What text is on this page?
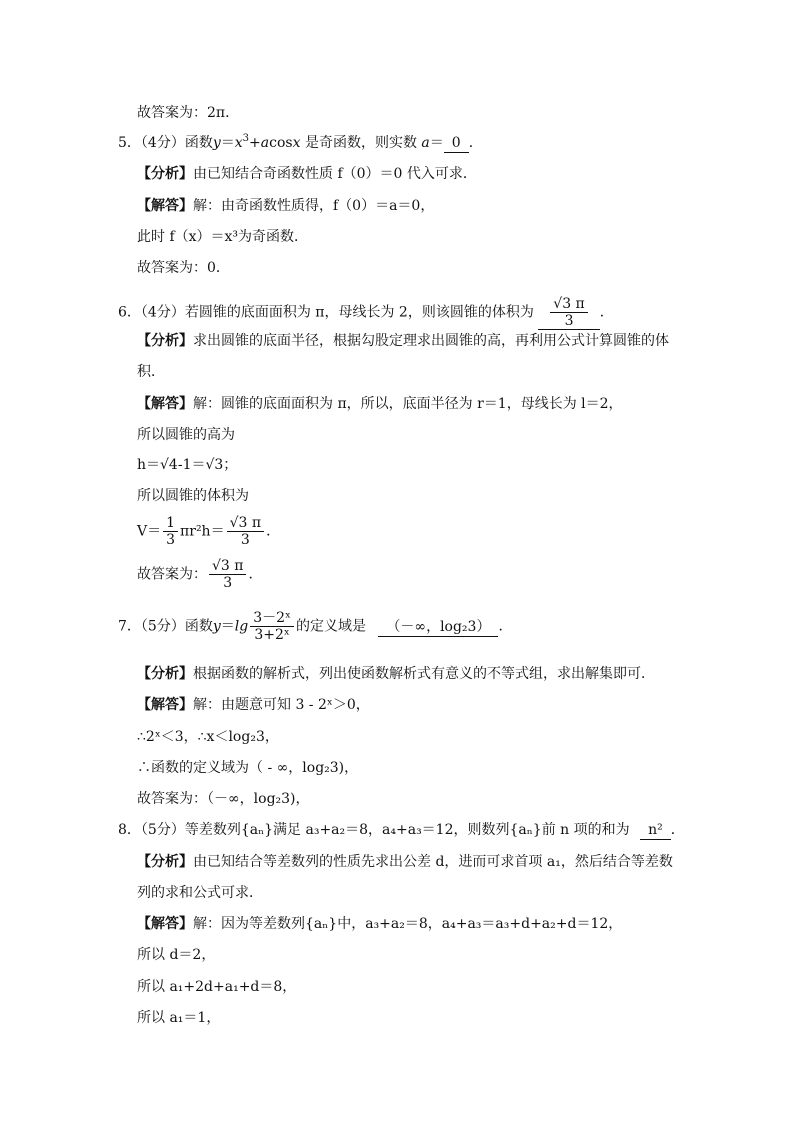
故答案为：2π．
5．（4分）函数$y=x^3+acosx$ 是奇函数，则实数 a＝ 0 ．
【分析】由已知结合奇函数性质 f（0）＝0 代入可求．
【解答】解：由奇函数性质得，f（0）＝a＝0，
此时 f（x）＝x³为奇函数．
故答案为：0．
6．（4分）若圆锥的底面面积为 π，母线长为 2，则该圆锥的体积为 $\frac{√3 \pi}{3}$ ．
【分析】求出圆锥的底面半径，根据勾股定理求出圆锥的高，再利用公式计算圆锥的体
积．
【解答】解：圆锥的底面面积为 π，所以，底面半径为 r＝1，母线长为 l＝2，
所以圆锥的高为
h＝√4-1＝√3；
所以圆锥的体积为
$V= \frac{1}{3} \pi r^2h= \frac{√3 \pi}{3}$ ．
故答案为： $\frac{√3 \pi}{3}$ ．
7．（5分）函数$y=\lg \frac{\text{3－2ˣ}}{\text{3+2ˣ}}$ 的定义域是 （－∞，log₂3） ．
【分析】根据函数的解析式，列出使函数解析式有意义的不等式组，求出解集即可．
【解答】解：由题意可知 3 - 2ˣ＞0，
∴2ˣ＜3，∴x＜log₂3，
∴函数的定义域为（ - ∞，log₂3)，
故答案为：（－∞，log₂3)，
8．（5分）等差数列{aₙ}满足 a₃+a₂＝8，a₄+a₃＝12，则数列{aₙ}前 n 项的和为 n² ．
【分析】由已知结合等差数列的性质先求出公差 d，进而可求首项 a₁，然后结合等差数
列的求和公式可求．
【解答】解：因为等差数列{aₙ}中，a₃+a₂＝8，a₄+a₃＝a₃+d+a₂+d＝12，
所以 d＝2，
所以 a₁+2d+a₁+d＝8，
所以 a₁＝1，
